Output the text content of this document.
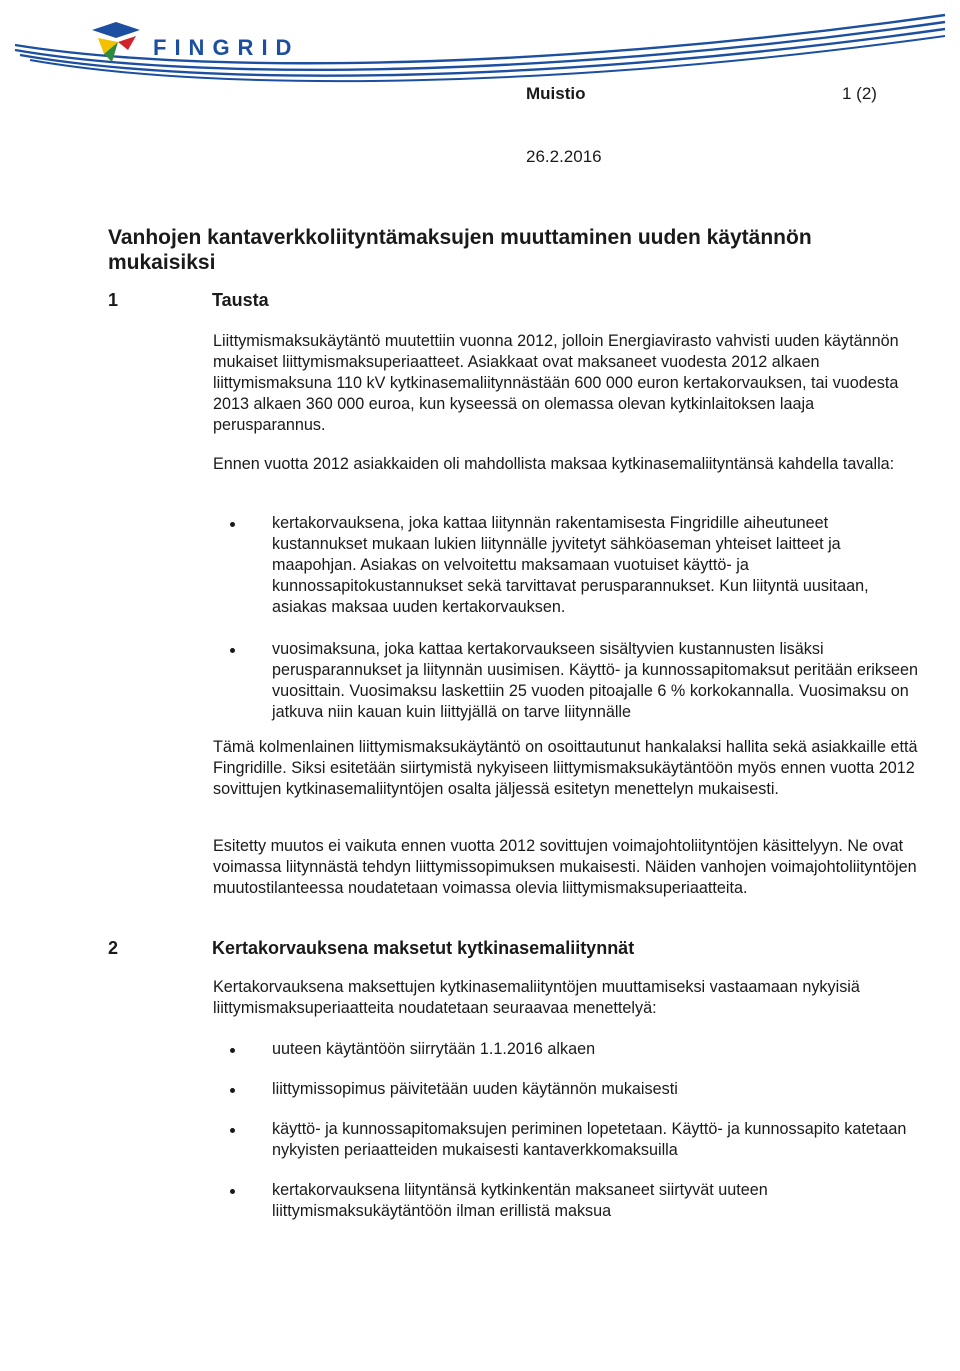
FINGRID
Muistio	1 (2)
26.2.2016
Vanhojen kantaverkkoliityntämaksujen muuttaminen uuden käytännön mukaisiksi
1	Tausta

Liittymismaksukäytäntö muutettiin vuonna 2012, jolloin Energiavirasto vahvisti uuden käytännön mukaiset liittymismaksuperiaatteet. Asiakkaat ovat maksaneet vuodesta 2012 alkaen liittymismaksuna 110 kV kytkinasemaliitynnästään 600 000 euron kertakorvauksen, tai vuodesta 2013 alkaen 360 000 euroa, kun kyseessä on olemassa olevan kytkinlaitoksen laaja perusparannus.

Ennen vuotta 2012 asiakkaiden oli mahdollista maksaa kytkinasemaliityntänsä kahdella tavalla:

kertakorvauksena, joka kattaa liitynnän rakentamisesta Fingridille aiheutuneet kustannukset mukaan lukien liitynnälle jyvitetyt sähköaseman yhteiset laitteet ja maapohjan. Asiakas on velvoitettu maksamaan vuotuiset käyttö- ja kunnossapitokustannukset sekä tarvittavat perusparannukset. Kun liityntä uusitaan, asiakas maksaa uuden kertakorvauksen.
vuosimaksuna, joka kattaa kertakorvaukseen sisältyvien kustannusten lisäksi perusparannukset ja liitynnän uusimisen. Käyttö- ja kunnossapitomaksut peritään erikseen vuosittain. Vuosimaksu laskettiin 25 vuoden pitoajalle 6 % korkokannalla. Vuosimaksu on jatkuva niin kauan kuin liittyjällä on tarve liitynnälle

Tämä kolmenlainen liittymismaksukäytäntö on osoittautunut hankalaksi hallita sekä asiakkaille että Fingridille. Siksi esitetään siirtymistä nykyiseen liittymismaksukäytäntöön myös ennen vuotta 2012 sovittujen kytkinasemaliityntöjen osalta jäljessä esitetyn menettelyn mukaisesti.

Esitetty muutos ei vaikuta ennen vuotta 2012 sovittujen voimajohtoliityntöjen käsittelyyn. Ne ovat voimassa liitynnästä tehdyn liittymissopimuksen mukaisesti. Näiden vanhojen voimajohtoliityntöjen muutostilanteessa noudatetaan voimassa olevia liittymismaksuperiaatteita.

2	Kertakorvauksena maksetut kytkinasemaliitynnät

Kertakorvauksena maksettujen kytkinasemaliityntöjen muuttamiseksi vastaamaan nykyisiä liittymismaksuperiaatteita noudatetaan seuraavaa menettelyä:

uuteen käytäntöön siirrytään 1.1.2016 alkaen
liittymissopimus päivitetään uuden käytännön mukaisesti
käyttö- ja kunnossapitomaksujen periminen lopetetaan. Käyttö- ja kunnossapito katetaan nykyisten periaatteiden mukaisesti kantaverkkomaksuilla
kertakorvauksena liityntänsä kytkinkentän maksaneet siirtyvät uuteen liittymismaksukäytäntöön ilman erillistä maksua
